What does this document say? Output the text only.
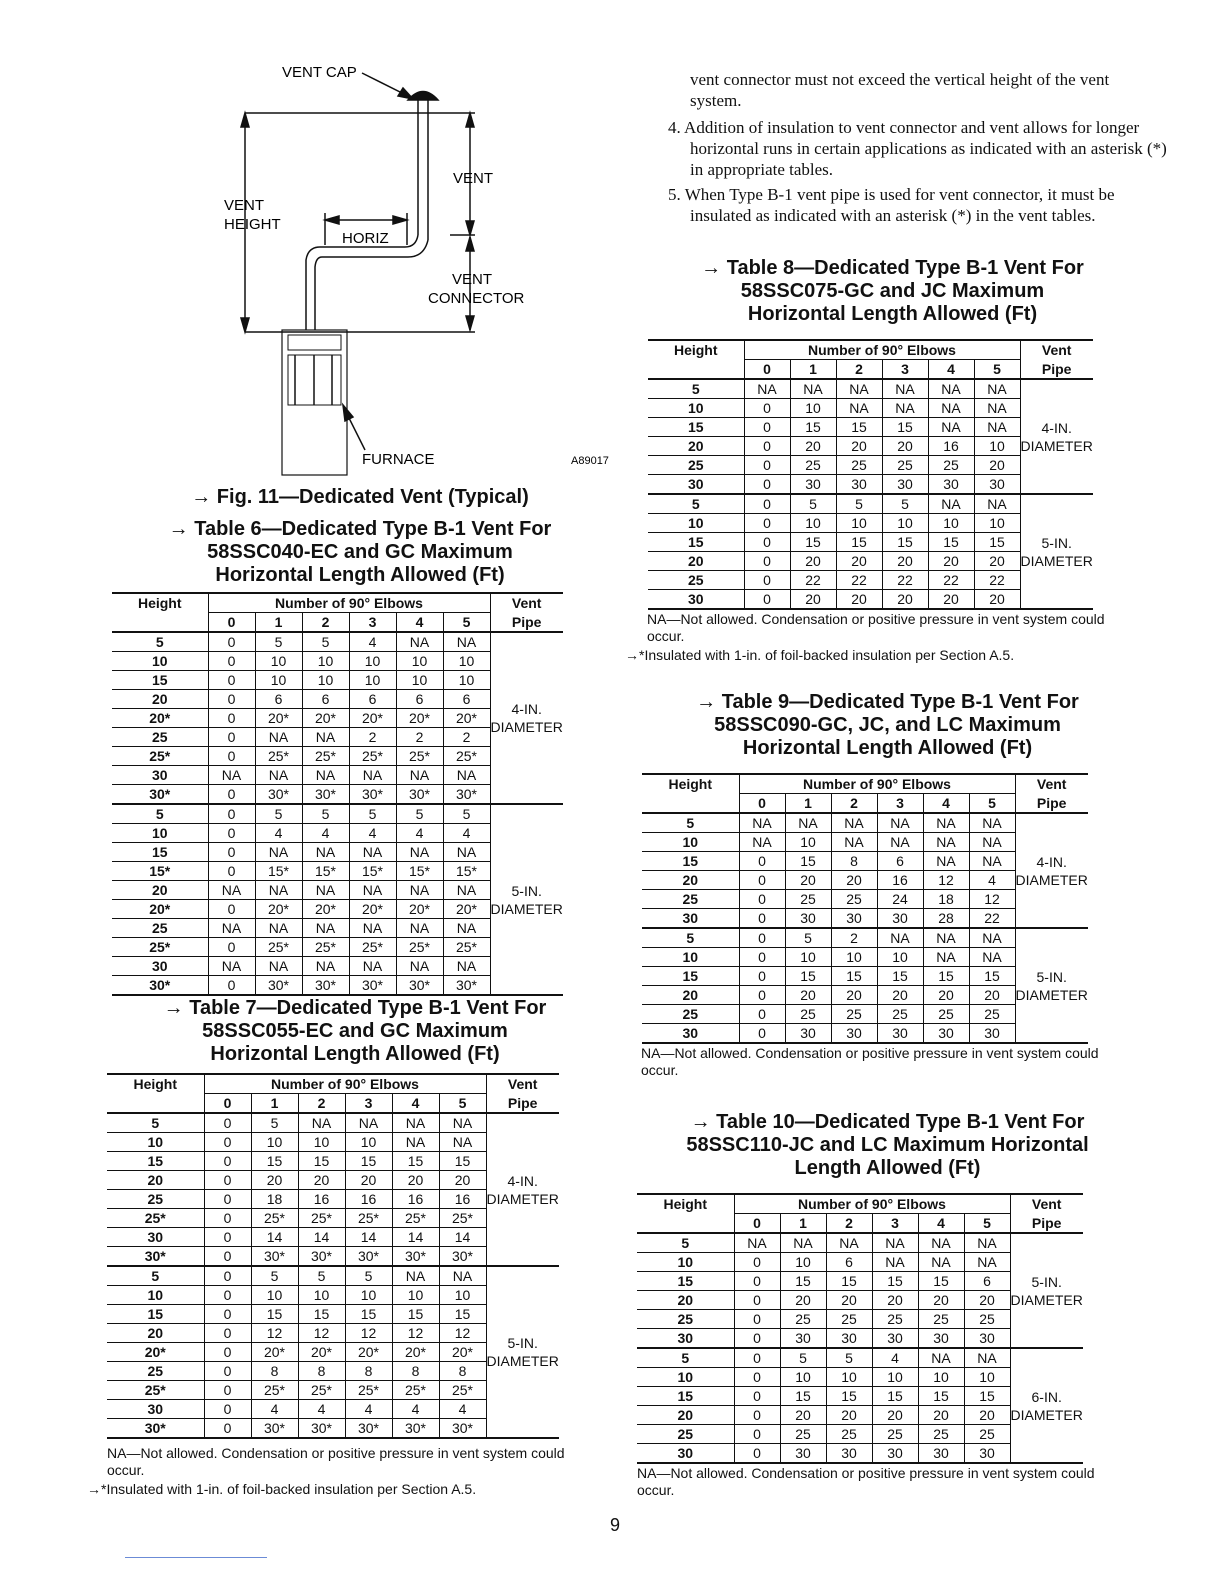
VENT CAP
VENT
VENT
HEIGHT
HORIZ
VENT
CONNECTOR
FURNACE	A89017
→ Fig. 11—Dedicated Vent (Typical)
→ Table 6—Dedicated Type B-1 Vent For
58SSC040-EC and GC Maximum
Horizontal Length Allowed (Ft)
Height	Number of 90° Elbows						Vent
	0	1	2	3	4	5	Pipe
5	0	5	5	4	NA	NA	4-IN.
DIAMETER

10	0	10	10	10	10	10	
15	0	10	10	10	10	10	
20	0	6	6	6	6	6	
20*	0	20*	20*	20*	20*	20*	
25	0	NA	NA	2	2	2	
25*	0	25*	25*	25*	25*	25*	
30	NA	NA	NA	NA	NA	NA	
30*	0	30*	30*	30*	30*	30*	
5	0	5	5	5	5	5	5-IN.
DIAMETER

10	0	4	4	4	4	4	
15	0	NA	NA	NA	NA	NA	
15*	0	15*	15*	15*	15*	15*	
20	NA	NA	NA	NA	NA	NA	
20*	0	20*	20*	20*	20*	20*	
25	NA	NA	NA	NA	NA	NA	
25*	0	25*	25*	25*	25*	25*	
30	NA	NA	NA	NA	NA	NA	
30*	0	30*	30*	30*	30*	30*	
→ Table 7—Dedicated Type B-1 Vent For
58SSC055-EC and GC Maximum
Horizontal Length Allowed (Ft)
Height	Number of 90° Elbows						Vent
	0	1	2	3	4	5	Pipe
5	0	5	NA	NA	NA	NA	4-IN.
DIAMETER

10	0	10	10	10	NA	NA	
15	0	15	15	15	15	15	
20	0	20	20	20	20	20	
25	0	18	16	16	16	16	
25*	0	25*	25*	25*	25*	25*	
30	0	14	14	14	14	14	
30*	0	30*	30*	30*	30*	30*	
5	0	5	5	5	NA	NA	5-IN.
DIAMETER

10	0	10	10	10	10	10	
15	0	15	15	15	15	15	
20	0	12	12	12	12	12	
20*	0	20*	20*	20*	20*	20*	
25	0	8	8	8	8	8	
25*	0	25*	25*	25*	25*	25*	
30	0	4	4	4	4	4	
30*	0	30*	30*	30*	30*	30*	
NA—Not allowed. Condensation or positive pressure in vent system could occur.
→*Insulated with 1-in. of foil-backed insulation per Section A.5.
vent connector must not exceed the vertical height of the vent system.
4. Addition of insulation to vent connector and vent allows for longer horizontal runs in certain applications as indicated with an asterisk (*) in appropriate tables.
5. When Type B-1 vent pipe is used for vent connector, it must be insulated as indicated with an asterisk (*) in the vent tables.
→ Table 8—Dedicated Type B-1 Vent For
58SSC075-GC and JC Maximum
Horizontal Length Allowed (Ft)
Height	Number of 90° Elbows						Vent
	0	1	2	3	4	5	Pipe
5	NA	NA	NA	NA	NA	NA	4-IN.
DIAMETER

10	0	10	NA	NA	NA	NA	
15	0	15	15	15	NA	NA	
20	0	20	20	20	16	10	
25	0	25	25	25	25	20	
30	0	30	30	30	30	30	
5	0	5	5	5	NA	NA	5-IN.
DIAMETER

10	0	10	10	10	10	10	
15	0	15	15	15	15	15	
20	0	20	20	20	20	20	
25	0	22	22	22	22	22	
30	0	20	20	20	20	20	
NA—Not allowed. Condensation or positive pressure in vent system could occur.
→*Insulated with 1-in. of foil-backed insulation per Section A.5.
→ Table 9—Dedicated Type B-1 Vent For
58SSC090-GC, JC, and LC Maximum
Horizontal Length Allowed (Ft)
Height	Number of 90° Elbows						Vent
	0	1	2	3	4	5	Pipe
5	NA	NA	NA	NA	NA	NA	4-IN.
DIAMETER

10	NA	10	NA	NA	NA	NA	
15	0	15	8	6	NA	NA	
20	0	20	20	16	12	4	
25	0	25	25	24	18	12	
30	0	30	30	30	28	22	
5	0	5	2	NA	NA	NA	5-IN.
DIAMETER

10	0	10	10	10	NA	NA	
15	0	15	15	15	15	15	
20	0	20	20	20	20	20	
25	0	25	25	25	25	25	
30	0	30	30	30	30	30	
NA—Not allowed. Condensation or positive pressure in vent system could occur.
→ Table 10—Dedicated Type B-1 Vent For
58SSC110-JC and LC Maximum Horizontal
Length Allowed (Ft)
Height	Number of 90° Elbows						Vent
	0	1	2	3	4	5	Pipe
5	NA	NA	NA	NA	NA	NA	5-IN.
DIAMETER

10	0	10	6	NA	NA	NA	
15	0	15	15	15	15	6	
20	0	20	20	20	20	20	
25	0	25	25	25	25	25	
30	0	30	30	30	30	30	
5	0	5	5	4	NA	NA	6-IN.
DIAMETER

10	0	10	10	10	10	10	
15	0	15	15	15	15	15	
20	0	20	20	20	20	20	
25	0	25	25	25	25	25	
30	0	30	30	30	30	30	
NA—Not allowed. Condensation or positive pressure in vent system could occur.
9
